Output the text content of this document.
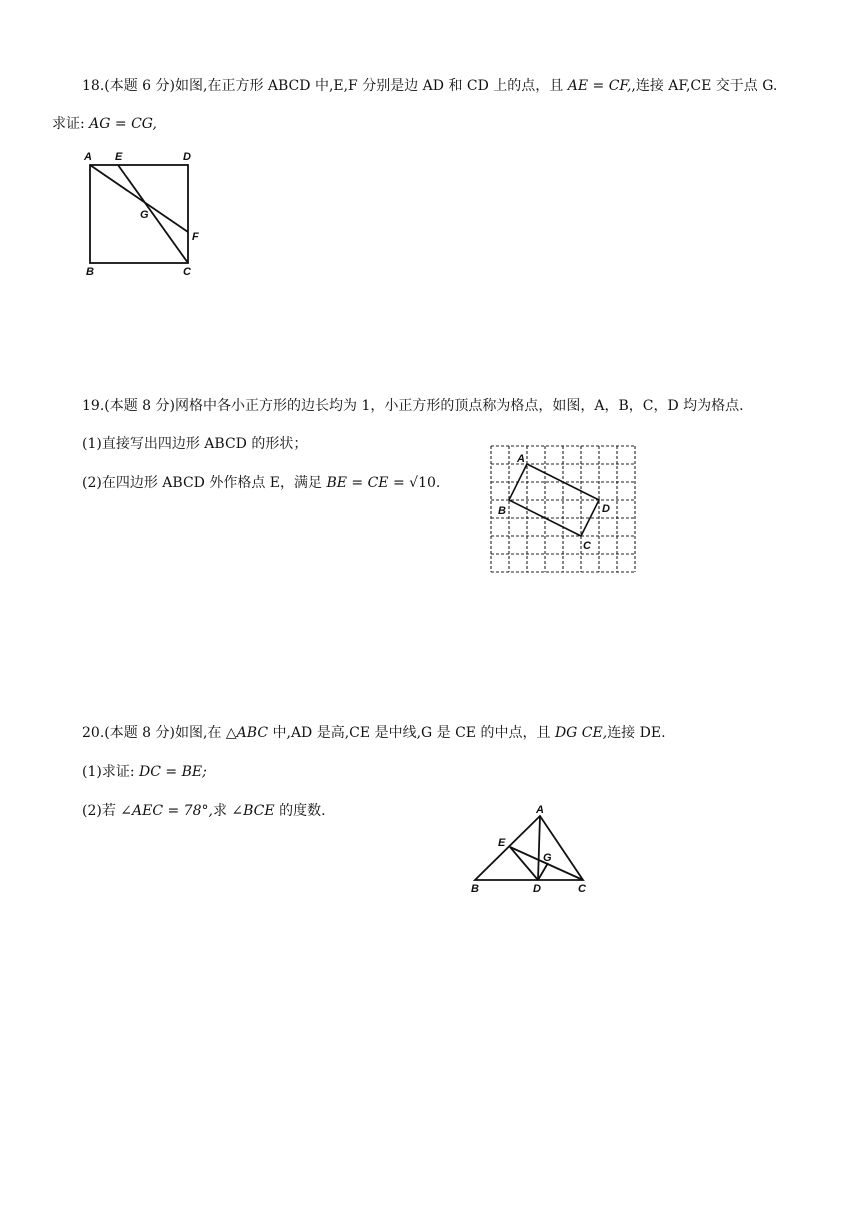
18.(本题 6 分)如图,在正方形 ABCD 中,E,F 分别是边 AD 和 CD 上的点，且 AE = CF,,连接 AF,CE 交于点 G.
求证: AG = CG,
A E	D
G
F
B	C
19.(本题 8 分)网格中各小正方形的边长均为 1，小正方形的顶点称为格点，如图，A，B，C，D 均为格点.
(1)直接写出四边形 ABCD 的形状；
(2)在四边形 ABCD 外作格点 E，满足 BE = CE = √10.
A
B
C
D
20.(本题 8 分)如图,在 △ABC 中,AD 是高,CE 是中线,G 是 CE 的中点，且 DG CE,连接 DE.
(1)求证: DC = BE;
(2)若 ∠AEC = 78°,求 ∠BCE 的度数.	A
E
G
B	D	C
